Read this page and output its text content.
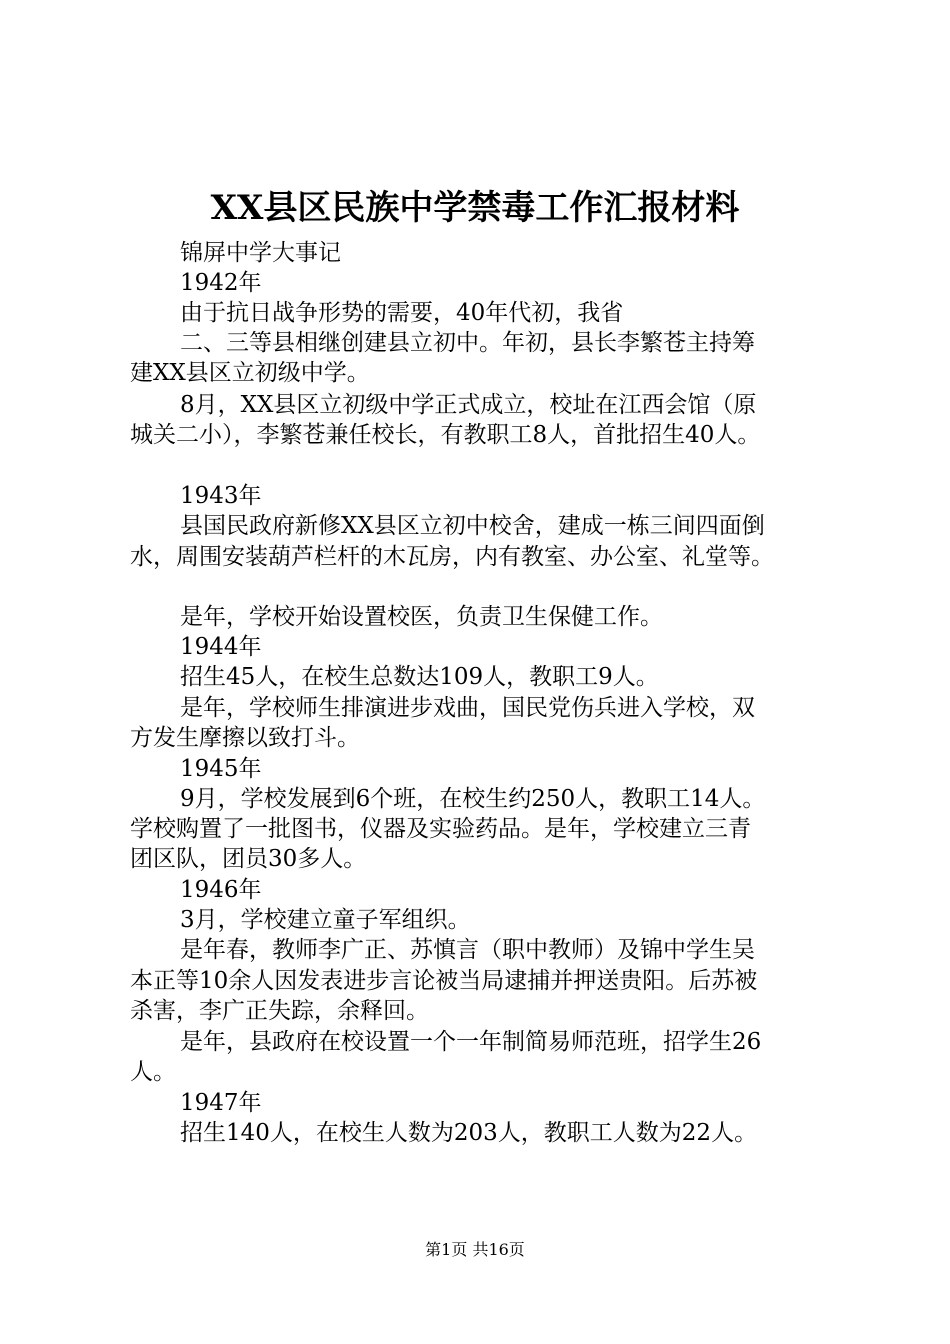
XX县区民族中学禁毒工作汇报材料
锦屏中学大事记
1942年
由于抗日战争形势的需要，40年代初，我省
二、三等县相继创建县立初中。年初，县长李繁苍主持筹
建XX县区立初级中学。
8月，XX县区立初级中学正式成立，校址在江西会馆（原
城关二小），李繁苍兼任校长，有教职工8人，首批招生40人。
1943年
县国民政府新修XX县区立初中校舍，建成一栋三间四面倒
水，周围安装葫芦栏杆的木瓦房，内有教室、办公室、礼堂等。
是年，学校开始设置校医，负责卫生保健工作。
1944年
招生45人，在校生总数达109人，教职工9人。
是年，学校师生排演进步戏曲，国民党伤兵进入学校，双
方发生摩擦以致打斗。
1945年
9月，学校发展到6个班，在校生约250人，教职工14人。
学校购置了一批图书，仪器及实验药品。是年，学校建立三青
团区队，团员30多人。
1946年
3月，学校建立童子军组织。
是年春，教师李广正、苏慎言（职中教师）及锦中学生吴
本正等10余人因发表进步言论被当局逮捕并押送贵阳。后苏被
杀害，李广正失踪，余释回。
是年，县政府在校设置一个一年制简易师范班，招学生26
人。
1947年
招生140人，在校生人数为203人，教职工人数为22人。
第1页 共16页
